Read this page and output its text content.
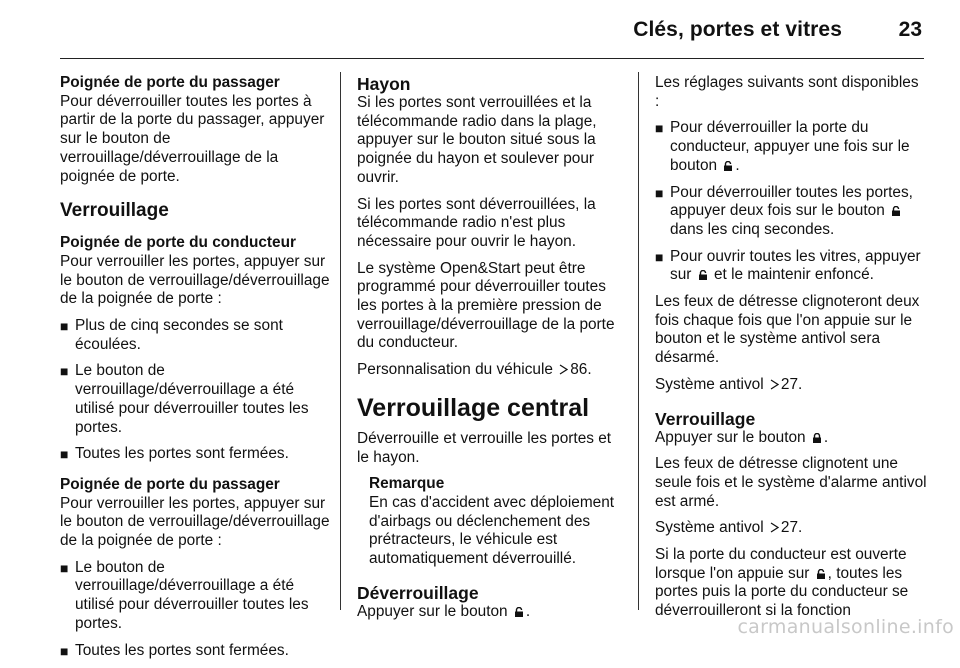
Clés, portes et vitres	23
Poignée de porte du passager

Pour déverrouiller toutes les portes à partir de la porte du passager, appuyer sur le bouton de verrouillage/déverrouillage de la poignée de porte.

Verrouillage
Poignée de porte du conducteur

Pour verrouiller les portes, appuyer sur le bouton de verrouillage/déverrouillage de la poignée de porte :

■ Plus de cinq secondes se sont écoulées.
■ Le bouton de verrouillage/déverrouillage a été utilisé pour déverrouiller toutes les portes.
■ Toutes les portes sont fermées.
Poignée de porte du passager

Pour verrouiller les portes, appuyer sur le bouton de verrouillage/déverrouillage de la poignée de porte :

■ Le bouton de verrouillage/déverrouillage a été utilisé pour déverrouiller toutes les portes.
■ Toutes les portes sont fermées.
Hayon

Si les portes sont verrouillées et la télécommande radio dans la plage, appuyer sur le bouton situé sous la poignée du hayon et soulever pour ouvrir.

Si les portes sont déverrouillées, la télécommande radio n'est plus nécessaire pour ouvrir le hayon.

Le système Open&Start peut être programmé pour déverrouiller toutes les portes à la première pression de verrouillage/déverrouillage de la porte du conducteur.

Personnalisation du véhicule 86.

Verrouillage central

Déverrouille et verrouille les portes et le hayon.

Remarque
En cas d'accident avec déploiement d'airbags ou déclenchement des prétracteurs, le véhicule est automatiquement déverrouillé.
Déverrouillage

Appuyer sur le bouton .

Les réglages suivants sont disponibles :

■ Pour déverrouiller la porte du conducteur, appuyer une fois sur le bouton .
■ Pour déverrouiller toutes les portes, appuyer deux fois sur le bouton  dans les cinq secondes.
■ Pour ouvrir toutes les vitres, appuyer sur et le maintenir enfoncé.

Les feux de détresse clignoteront deux fois chaque fois que l'on appuie sur le bouton et le système antivol sera désarmé.

Système antivol 27.

Verrouillage

Appuyer sur le bouton .

Les feux de détresse clignotent une seule fois et le système d'alarme antivol est armé.

Système antivol 27.

Si la porte du conducteur est ouverte lorsque l'on appuie sur , toutes les portes puis la porte du conducteur se déverrouilleront si la fonction

carmanualsonline.info
